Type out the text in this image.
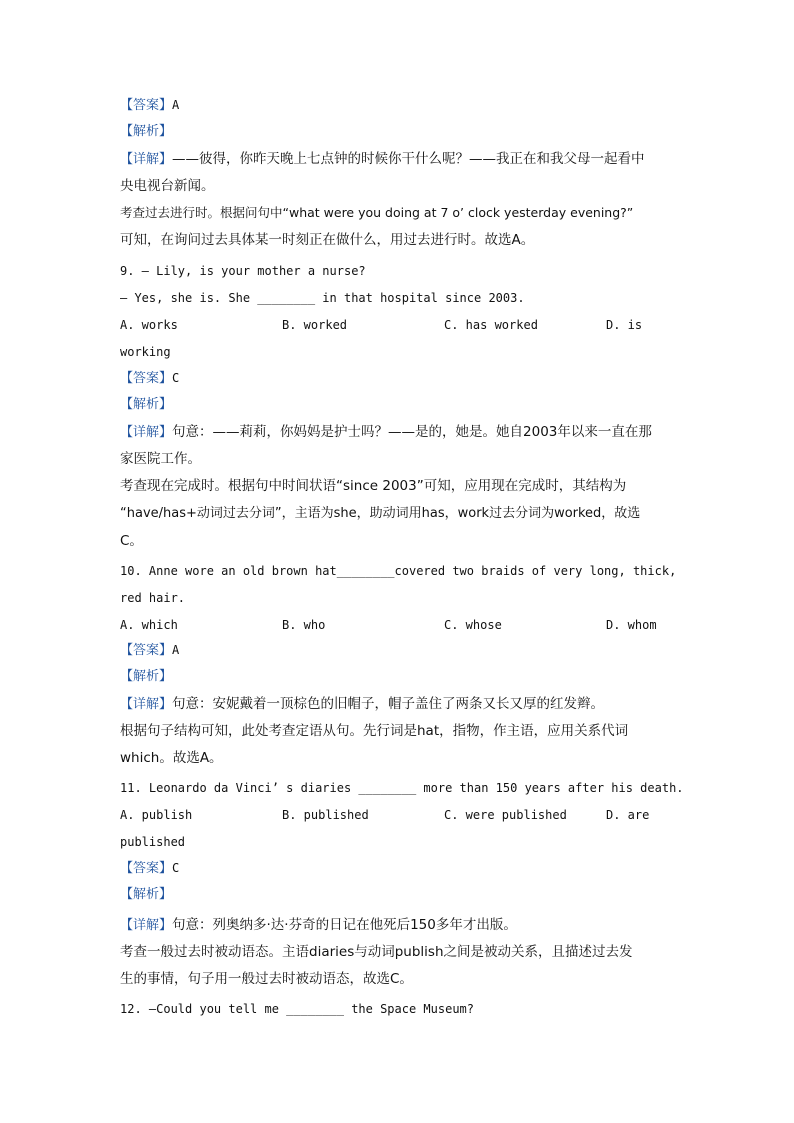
【答案】A
【解析】
【详解】——彼得，你昨天晚上七点钟的时候你干什么呢？——我正在和我父母一起看中
央电视台新闻。
考查过去进行时。根据问句中“what were you doing at 7 o’ clock yesterday evening?”
可知，在询问过去具体某一时刻正在做什么，用过去进行时。故选A。
9. — Lily, is your mother a nurse?
— Yes, she is. She ________ in that hospital since 2003.
A. works	B. worked	C. has worked	D. is
working
【答案】C
【解析】
【详解】句意：——莉莉，你妈妈是护士吗？——是的，她是。她自2003年以来一直在那
家医院工作。
考查现在完成时。根据句中时间状语“since 2003”可知，应用现在完成时，其结构为
“have/has+动词过去分词”，主语为she，助动词用has，work过去分词为worked，故选
C。
10. Anne wore an old brown hat________covered two braids of very long, thick,
red hair.
A. which	B. who	C. whose	D. whom
【答案】A
【解析】
【详解】句意：安妮戴着一顶棕色的旧帽子，帽子盖住了两条又长又厚的红发辫。
根据句子结构可知，此处考查定语从句。先行词是hat，指物，作主语，应用关系代词
which。故选A。
11. Leonardo da Vinci’ s diaries ________ more than 150 years after his death.
A. publish	B. published	C. were published	D. are
published
【答案】C
【解析】
【详解】句意：列奥纳多·达·芬奇的日记在他死后150多年才出版。
考查一般过去时被动语态。主语diaries与动词publish之间是被动关系，且描述过去发
生的事情，句子用一般过去时被动语态，故选C。
12. —Could you tell me ________ the Space Museum?
